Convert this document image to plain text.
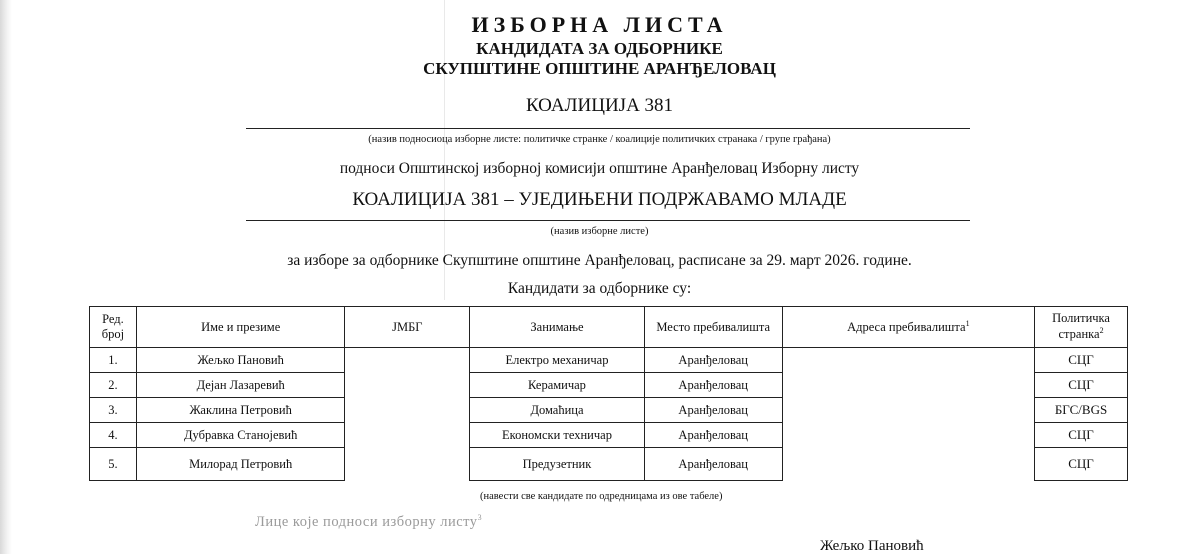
ИЗБОРНА ЛИСТА
КАНДИДАТА ЗА ОДБОРНИКЕ
СКУПШТИНЕ ОПШТИНЕ АРАНЂЕЛОВАЦ
КОАЛИЦИЈА 381
(назив подносиоца изборне листе: политичке странке / коалиције политичких странака / групе грађана)
подноси Општинској изборној комисији општине Аранђеловац Изборну листу
КОАЛИЦИЈА 381 – УЈЕДИЊЕНИ ПОДРЖАВАМО МЛАДЕ
(назив изборне листе)
за изборе за одборнике Скупштине општине Аранђеловац, расписане за 29. март 2026. године.
Кандидати за одборнике су:
Ред.
број	Име и презиме	ЈМБГ	Занимање	Место пребивалишта	Адреса пребивалишта$^1$	Политичка
странка$^2$
1.	Жељко Пановић		Електро механичар	Аранђеловац		СЦГ
2.	Дејан Лазаревић		Керамичар	Аранђеловац		СЦГ
3.	Жаклина Петровић		Домаћица	Аранђеловац		БГС/BGS
4.	Дубравка Станојевић		Економски техничар	Аранђеловац		СЦГ
5.	Милорад Петровић		Предузетник	Аранђеловац		СЦГ
(навести све кандидате по одредницама из ове табеле)
Лице које подноси изборну листу$^3$
Жељко Пановић
